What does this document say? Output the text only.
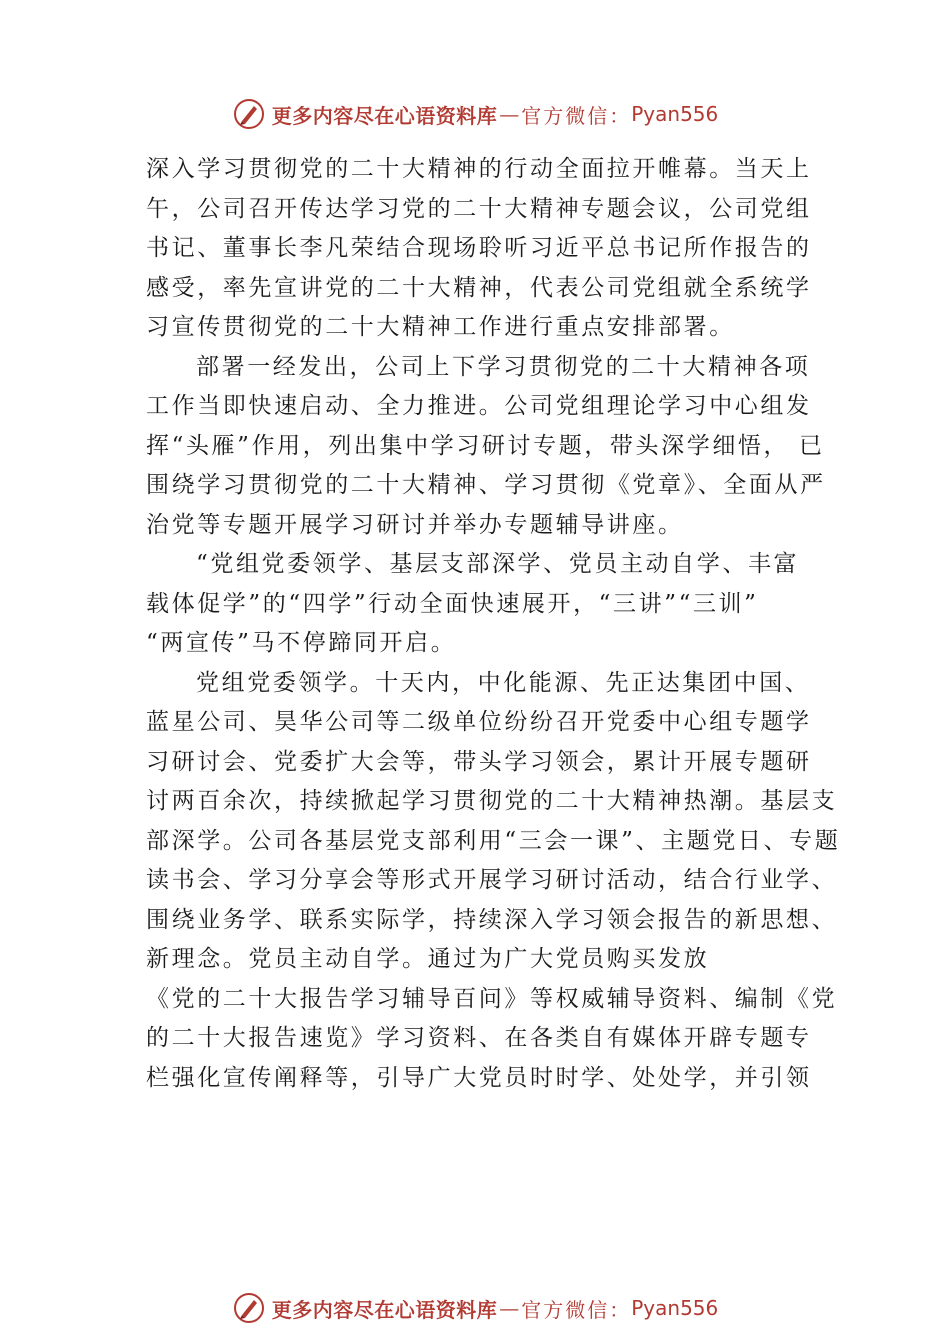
更多内容尽在心语资料库 — 官方微信： Pyan556
深入学习贯彻党的二十大精神的行动全面拉开帷幕。当天上
午，公司召开传达学习党的二十大精神专题会议，公司党组
书记、董事长李凡荣结合现场聆听习近平总书记所作报告的
感受，率先宣讲党的二十大精神，代表公司党组就全系统学
习宣传贯彻党的二十大精神工作进行重点安排部署。
部署一经发出，公司上下学习贯彻党的二十大精神各项
工作当即快速启动、全力推进。公司党组理论学习中心组发
挥“头雁”作用，列出集中学习研讨专题，带头深学细悟， 已
围绕学习贯彻党的二十大精神、学习贯彻《党章》、全面从严
治党等专题开展学习研讨并举办专题辅导讲座。
“党组党委领学、基层支部深学、党员主动自学、丰富
载体促学”的“四学”行动全面快速展开，“三讲”“三训”
“两宣传”马不停蹄同开启。
党组党委领学。十天内，中化能源、先正达集团中国、
蓝星公司、昊华公司等二级单位纷纷召开党委中心组专题学
习研讨会、党委扩大会等，带头学习领会，累计开展专题研
讨两百余次，持续掀起学习贯彻党的二十大精神热潮。基层支
部深学。公司各基层党支部利用“三会一课”、主题党日、专题
读书会、学习分享会等形式开展学习研讨活动，结合行业学、
围绕业务学、联系实际学，持续深入学习领会报告的新思想、
新理念。党员主动自学。通过为广大党员购买发放
《党的二十大报告学习辅导百问》等权威辅导资料、编制《党
的二十大报告速览》学习资料、在各类自有媒体开辟专题专
栏强化宣传阐释等，引导广大党员时时学、处处学，并引领
更多内容尽在心语资料库 — 官方微信： Pyan556
